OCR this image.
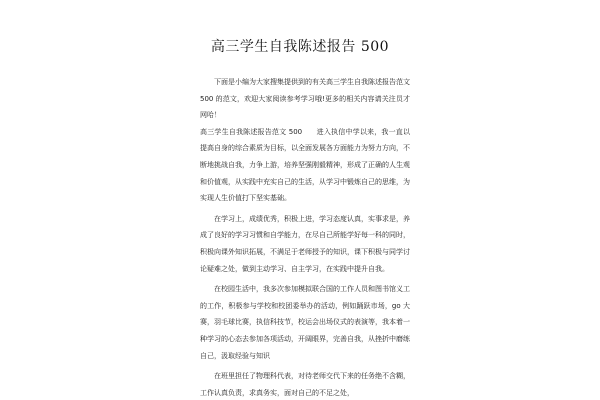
高三学生自我陈述报告 500

下面是小编为大家搜集提供到的有关高三学生自我陈述报告范文 500 的范文，欢迎大家阅读参考学习哦!更多的相关内容请关注员才网哈！

高三学生自我陈述报告范文 500　　进入执信中学以来，我一直以提高自身的综合素质为目标，以全面发展各方面能力为努力方向，不断地挑战自我，力争上游，培养坚强刚毅精神，形成了正确的人生观和价值观，从实践中充实自己的生活，从学习中锻炼自己的思维，为实现人生价值打下坚实基础。

在学习上，成绩优秀，积极上进，学习态度认真，实事求是，养成了良好的学习习惯和自学能力，在尽自己所能学好每一科的同时，积极向课外知识拓展，不满足于老师授予的知识，课下积极与同学讨论疑难之处，做到主动学习、自主学习，在实践中提升自我。

在校园生活中，我多次参加模拟联合国的工作人员和图书馆义工的工作，积极参与学校和校团委举办的活动，例如踊跃市场，go 大赛，羽毛球比赛，执信科技节，校运会出场仪式的表演等，我本着一种学习的心态去参加各项活动，开阔眼界，完善自我，从挫折中磨练自己，汲取经验与知识

在班里担任了物理科代表，对待老师交代下来的任务绝不含糊，工作认真负责，求真务实，面对自己的不足之处，
